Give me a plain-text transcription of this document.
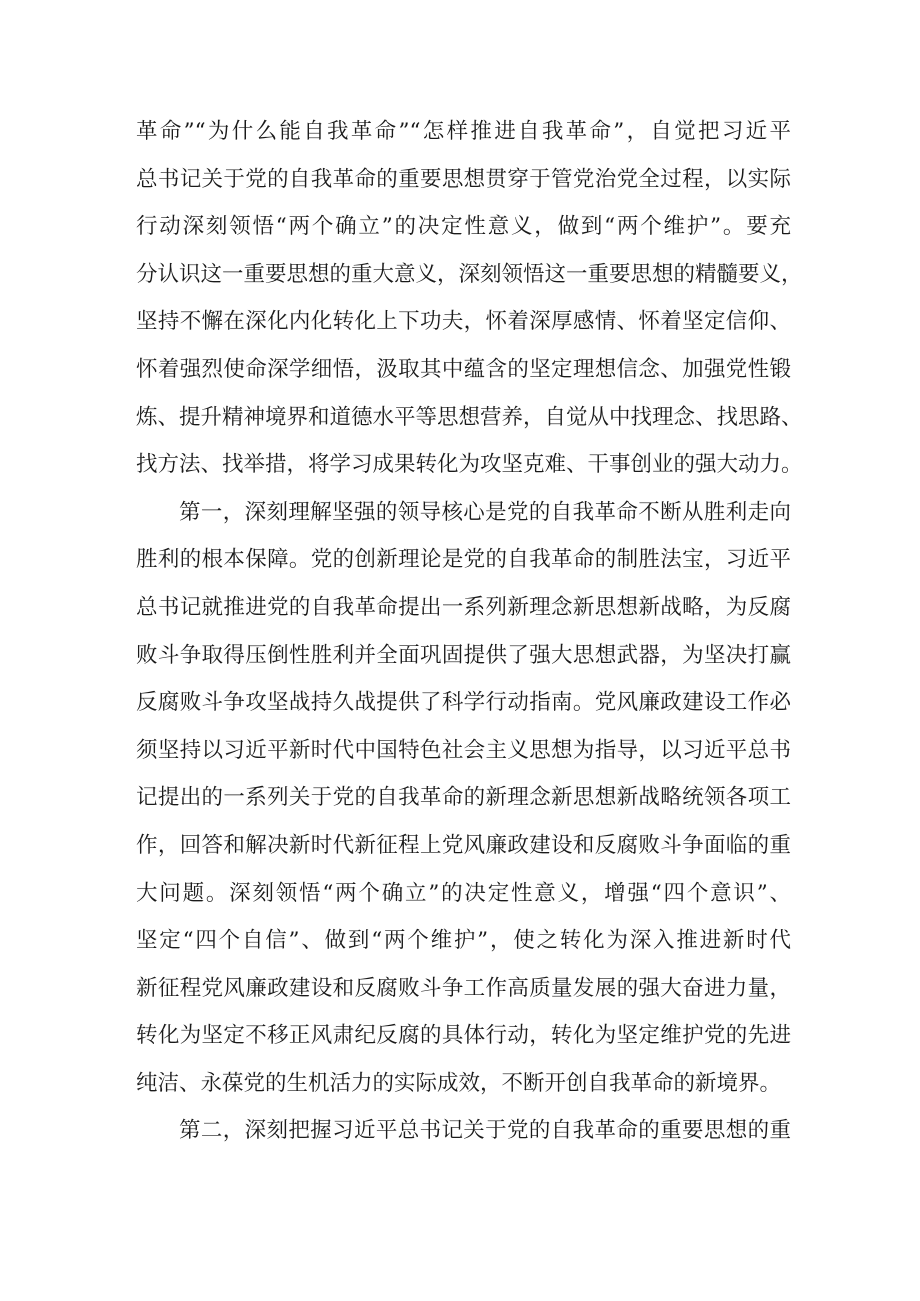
革命”“为什么能自我革命”“怎样推进自我革命”，自觉把习近平
总书记关于党的自我革命的重要思想贯穿于管党治党全过程，以实际
行动深刻领悟“两个确立”的决定性意义，做到“两个维护”。要充
分认识这一重要思想的重大意义，深刻领悟这一重要思想的精髓要义，
坚持不懈在深化内化转化上下功夫，怀着深厚感情、怀着坚定信仰、
怀着强烈使命深学细悟，汲取其中蕴含的坚定理想信念、加强党性锻
炼、提升精神境界和道德水平等思想营养，自觉从中找理念、找思路、
找方法、找举措，将学习成果转化为攻坚克难、干事创业的强大动力。

第一，深刻理解坚强的领导核心是党的自我革命不断从胜利走向
胜利的根本保障。党的创新理论是党的自我革命的制胜法宝，习近平
总书记就推进党的自我革命提出一系列新理念新思想新战略，为反腐
败斗争取得压倒性胜利并全面巩固提供了强大思想武器，为坚决打赢
反腐败斗争攻坚战持久战提供了科学行动指南。党风廉政建设工作必
须坚持以习近平新时代中国特色社会主义思想为指导，以习近平总书
记提出的一系列关于党的自我革命的新理念新思想新战略统领各项工
作，回答和解决新时代新征程上党风廉政建设和反腐败斗争面临的重
大问题。深刻领悟“两个确立”的决定性意义，增强“四个意识”、
坚定“四个自信”、做到“两个维护”，使之转化为深入推进新时代
新征程党风廉政建设和反腐败斗争工作高质量发展的强大奋进力量，
转化为坚定不移正风肃纪反腐的具体行动，转化为坚定维护党的先进
纯洁、永葆党的生机活力的实际成效，不断开创自我革命的新境界。

第二，深刻把握习近平总书记关于党的自我革命的重要思想的重
